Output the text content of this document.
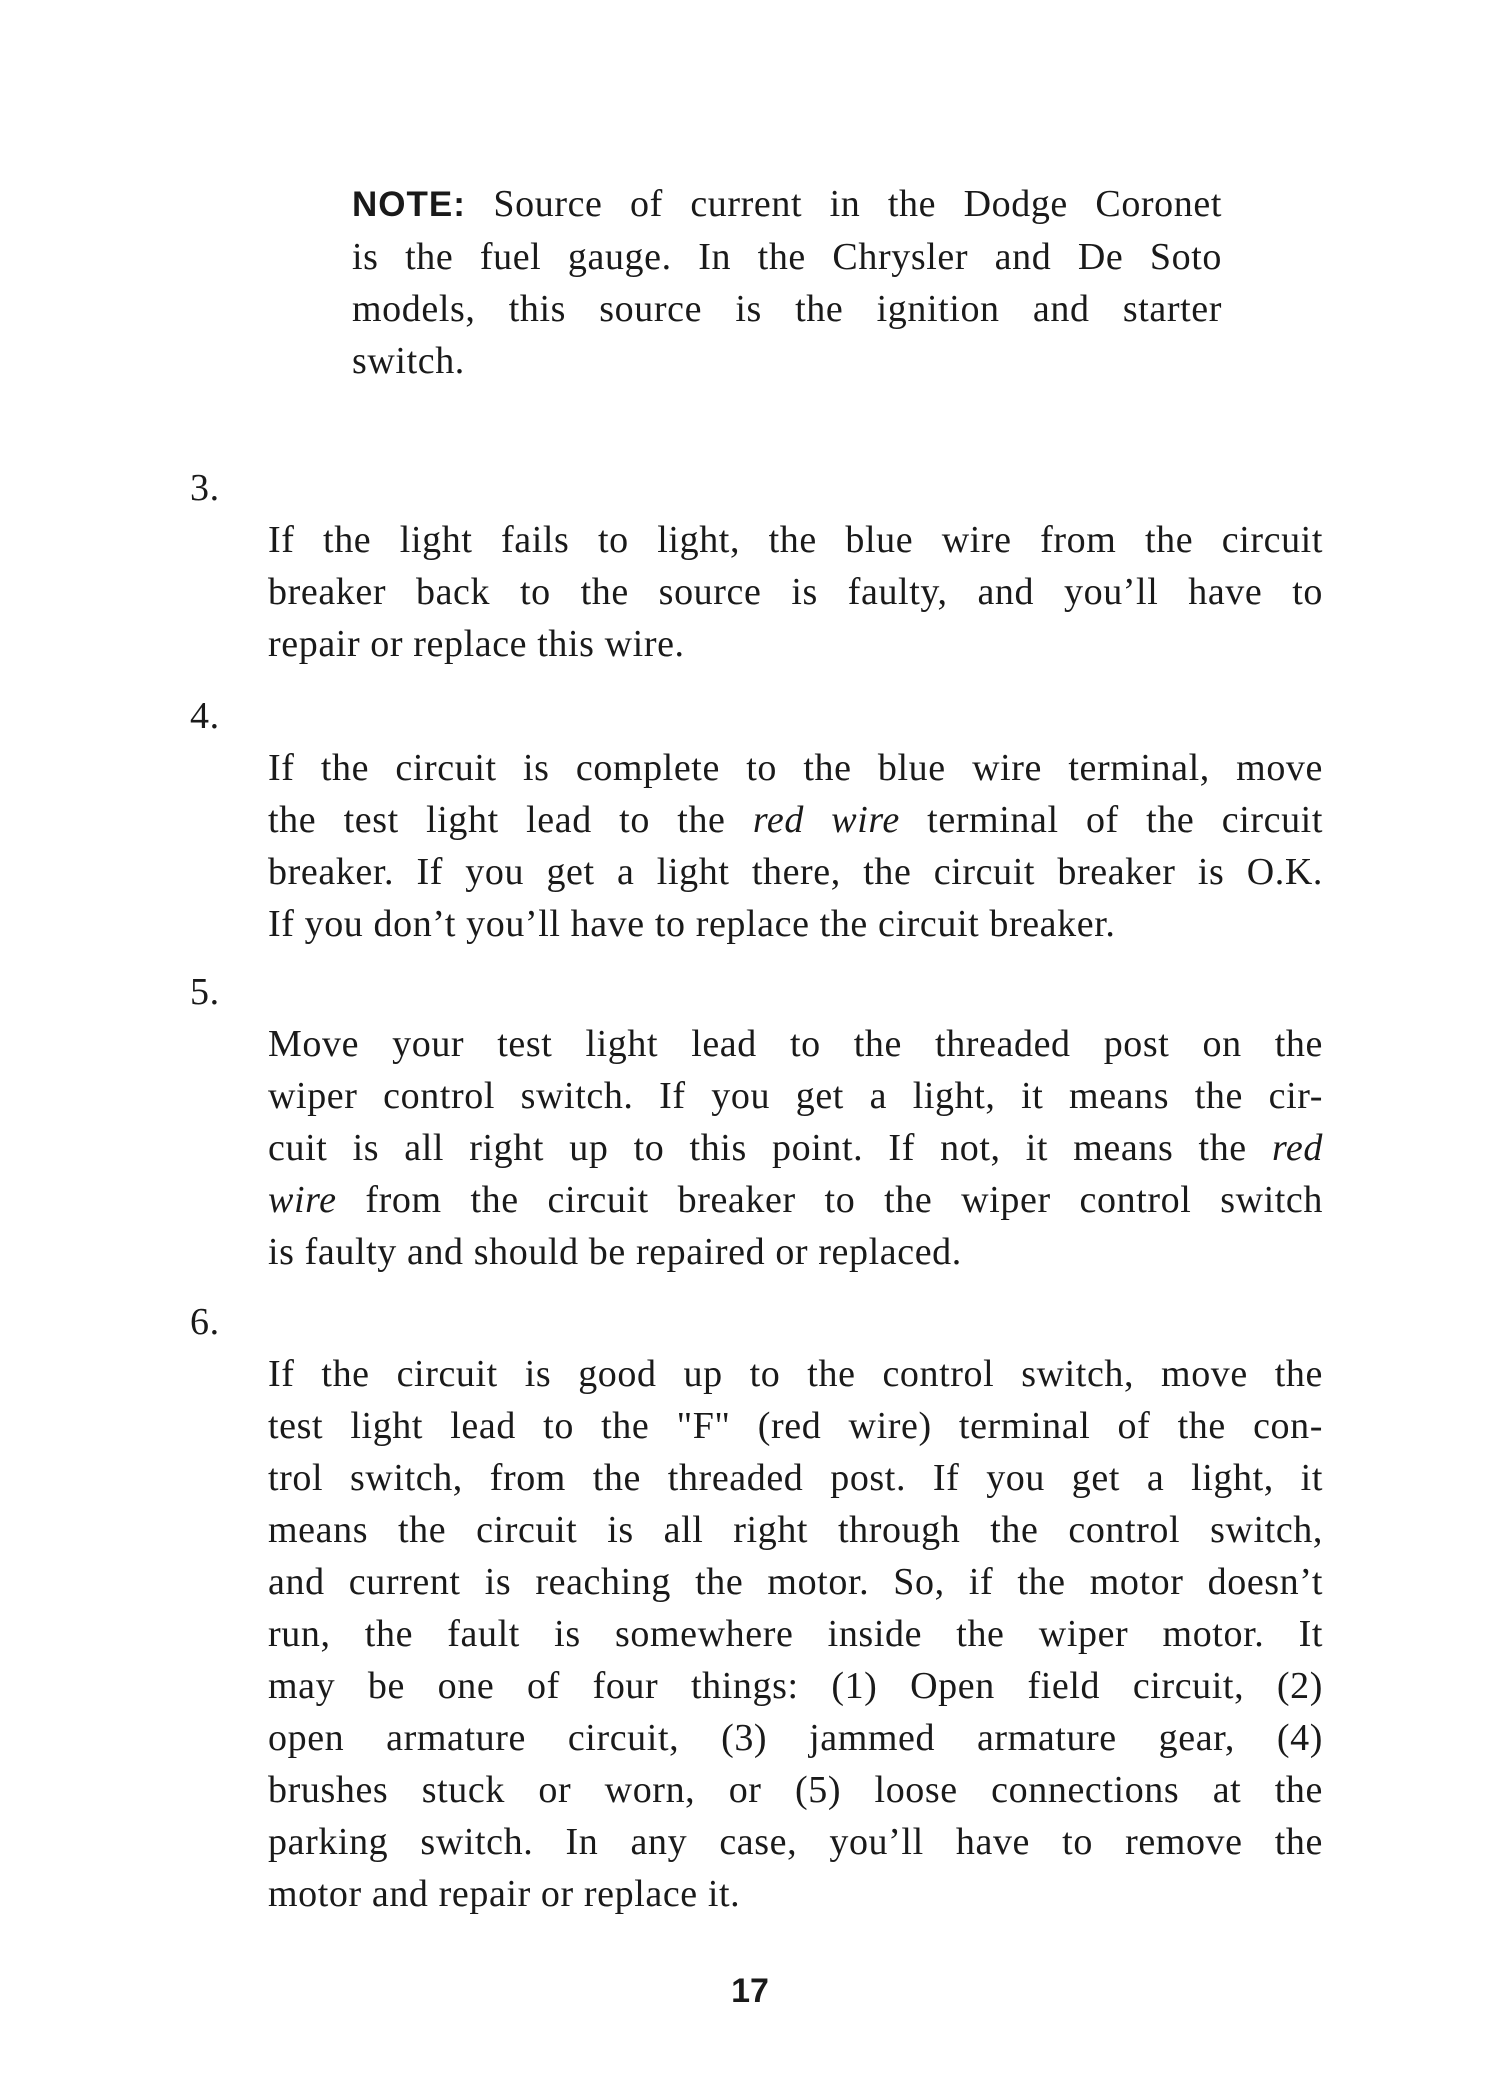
NOTE: Source of current in the Dodge Coronet
is the fuel gauge. In the Chrysler and De Soto
models, this source is the ignition and starter
switch.
3.
If the light fails to light, the blue wire from the circuit
breaker back to the source is faulty, and you’ll have to
repair or replace this wire.
4.
If the circuit is complete to the blue wire terminal, move
the test light lead to the red wire terminal of the circuit
breaker. If you get a light there, the circuit breaker is O.K.
If you don’t you’ll have to replace the circuit breaker.
5.
Move your test light lead to the threaded post on the
wiper control switch. If you get a light, it means the cir-
cuit is all right up to this point. If not, it means the red
wire from the circuit breaker to the wiper control switch
is faulty and should be repaired or replaced.
6.
If the circuit is good up to the control switch, move the
test light lead to the "F" (red wire) terminal of the con-
trol switch, from the threaded post. If you get a light, it
means the circuit is all right through the control switch,
and current is reaching the motor. So, if the motor doesn’t
run, the fault is somewhere inside the wiper motor. It
may be one of four things: (1) Open field circuit, (2)
open armature circuit, (3) jammed armature gear, (4)
brushes stuck or worn, or (5) loose connections at the
parking switch. In any case, you’ll have to remove the
motor and repair or replace it.
17
